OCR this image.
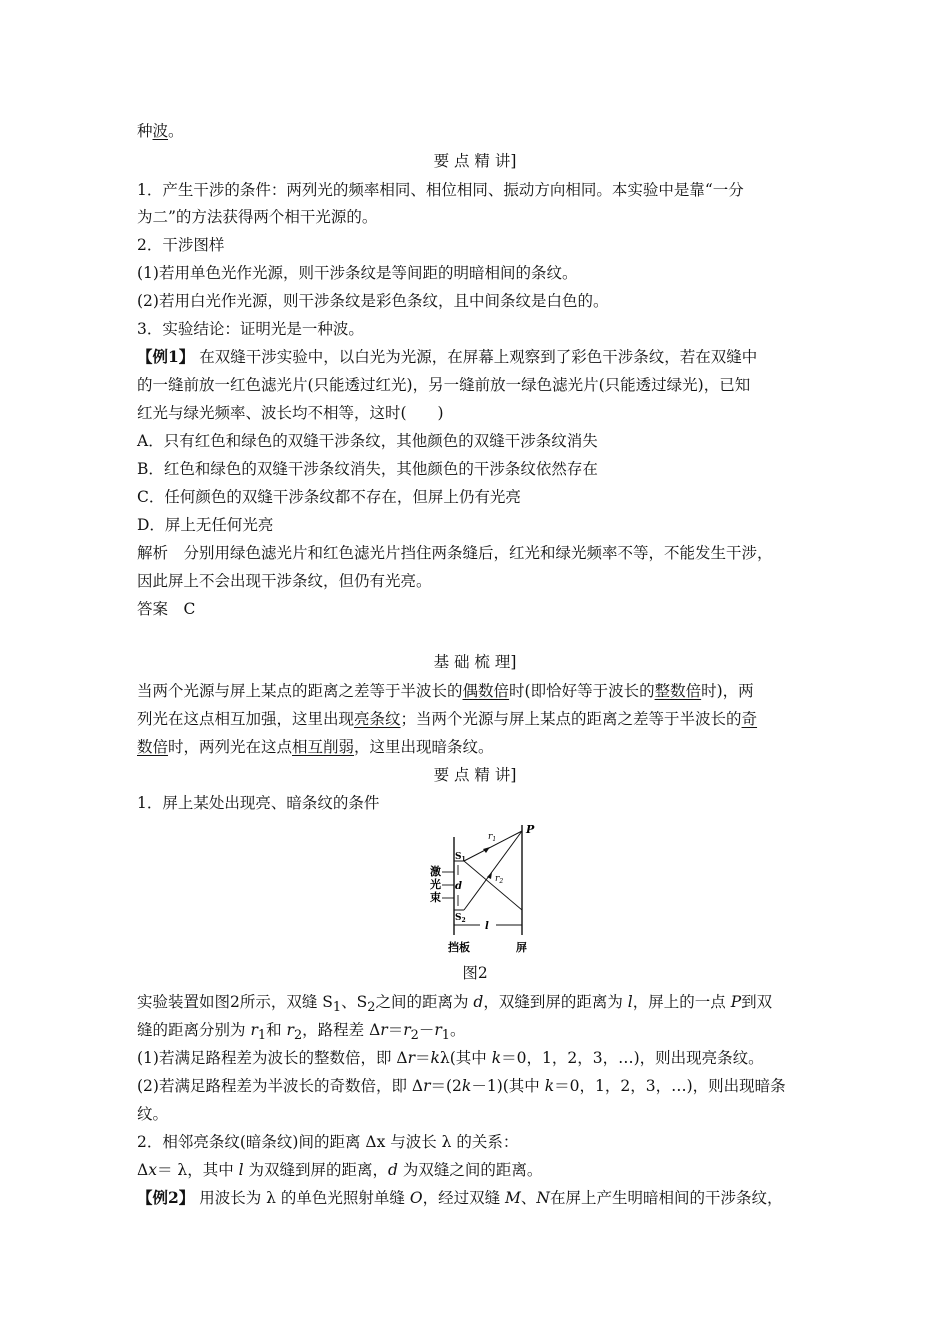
种波。
要 点 精 讲]
1．产生干涉的条件：两列光的频率相同、相位相同、振动方向相同。本实验中是靠“一分
为二”的方法获得两个相干光源的。
2．干涉图样
(1)若用单色光作光源，则干涉条纹是等间距的明暗相间的条纹。
(2)若用白光作光源，则干涉条纹是彩色条纹，且中间条纹是白色的。
3．实验结论：证明光是一种波。
【例1】 在双缝干涉实验中，以白光为光源，在屏幕上观察到了彩色干涉条纹，若在双缝中
的一缝前放一红色滤光片(只能透过红光)，另一缝前放一绿色滤光片(只能透过绿光)，已知
红光与绿光频率、波长均不相等，这时(　　)
A．只有红色和绿色的双缝干涉条纹，其他颜色的双缝干涉条纹消失
B．红色和绿色的双缝干涉条纹消失，其他颜色的干涉条纹依然存在
C．任何颜色的双缝干涉条纹都不存在，但屏上仍有光亮
D．屏上无任何光亮
解析　分别用绿色滤光片和红色滤光片挡住两条缝后，红光和绿光频率不等，不能发生干涉，
因此屏上不会出现干涉条纹，但仍有光亮。
答案　C
基 础 梳 理]
当两个光源与屏上某点的距离之差等于半波长的偶数倍时(即恰好等于波长的整数倍时)，两
列光在这点相互加强，这里出现亮条纹；当两个光源与屏上某点的距离之差等于半波长的奇
数倍时，两列光在这点相互削弱，这里出现暗条纹。
要 点 精 讲]
1．屏上某处出现亮、暗条纹的条件
P
$r_1$
$r_2$
$S_1$
$S_2$
d
l
激
光
束
挡板	屏
图2
实验装置如图2所示，双缝 $S_1$、$S_2$之间的距离为 d，双缝到屏的距离为 l，屏上的一点 P到双
缝的距离分别为 $r_1$和 $r_2$，路程差 $\Delta r=r_2-r_1$。
(1)若满足路程差为波长的整数倍，即 Δr＝kλ(其中 k＝0，1，2，3，…)，则出现亮条纹。
(2)若满足路程差为半波长的奇数倍，即 Δr＝(2k－1)(其中 k＝0，1，2，3，…)，则出现暗条
纹。
2．相邻亮条纹(暗条纹)间的距离 Δx 与波长 λ 的关系：
Δx＝ λ，其中 l 为双缝到屏的距离，d 为双缝之间的距离。
【例2】 用波长为 λ 的单色光照射单缝 O，经过双缝 M、N在屏上产生明暗相间的干涉条纹，
